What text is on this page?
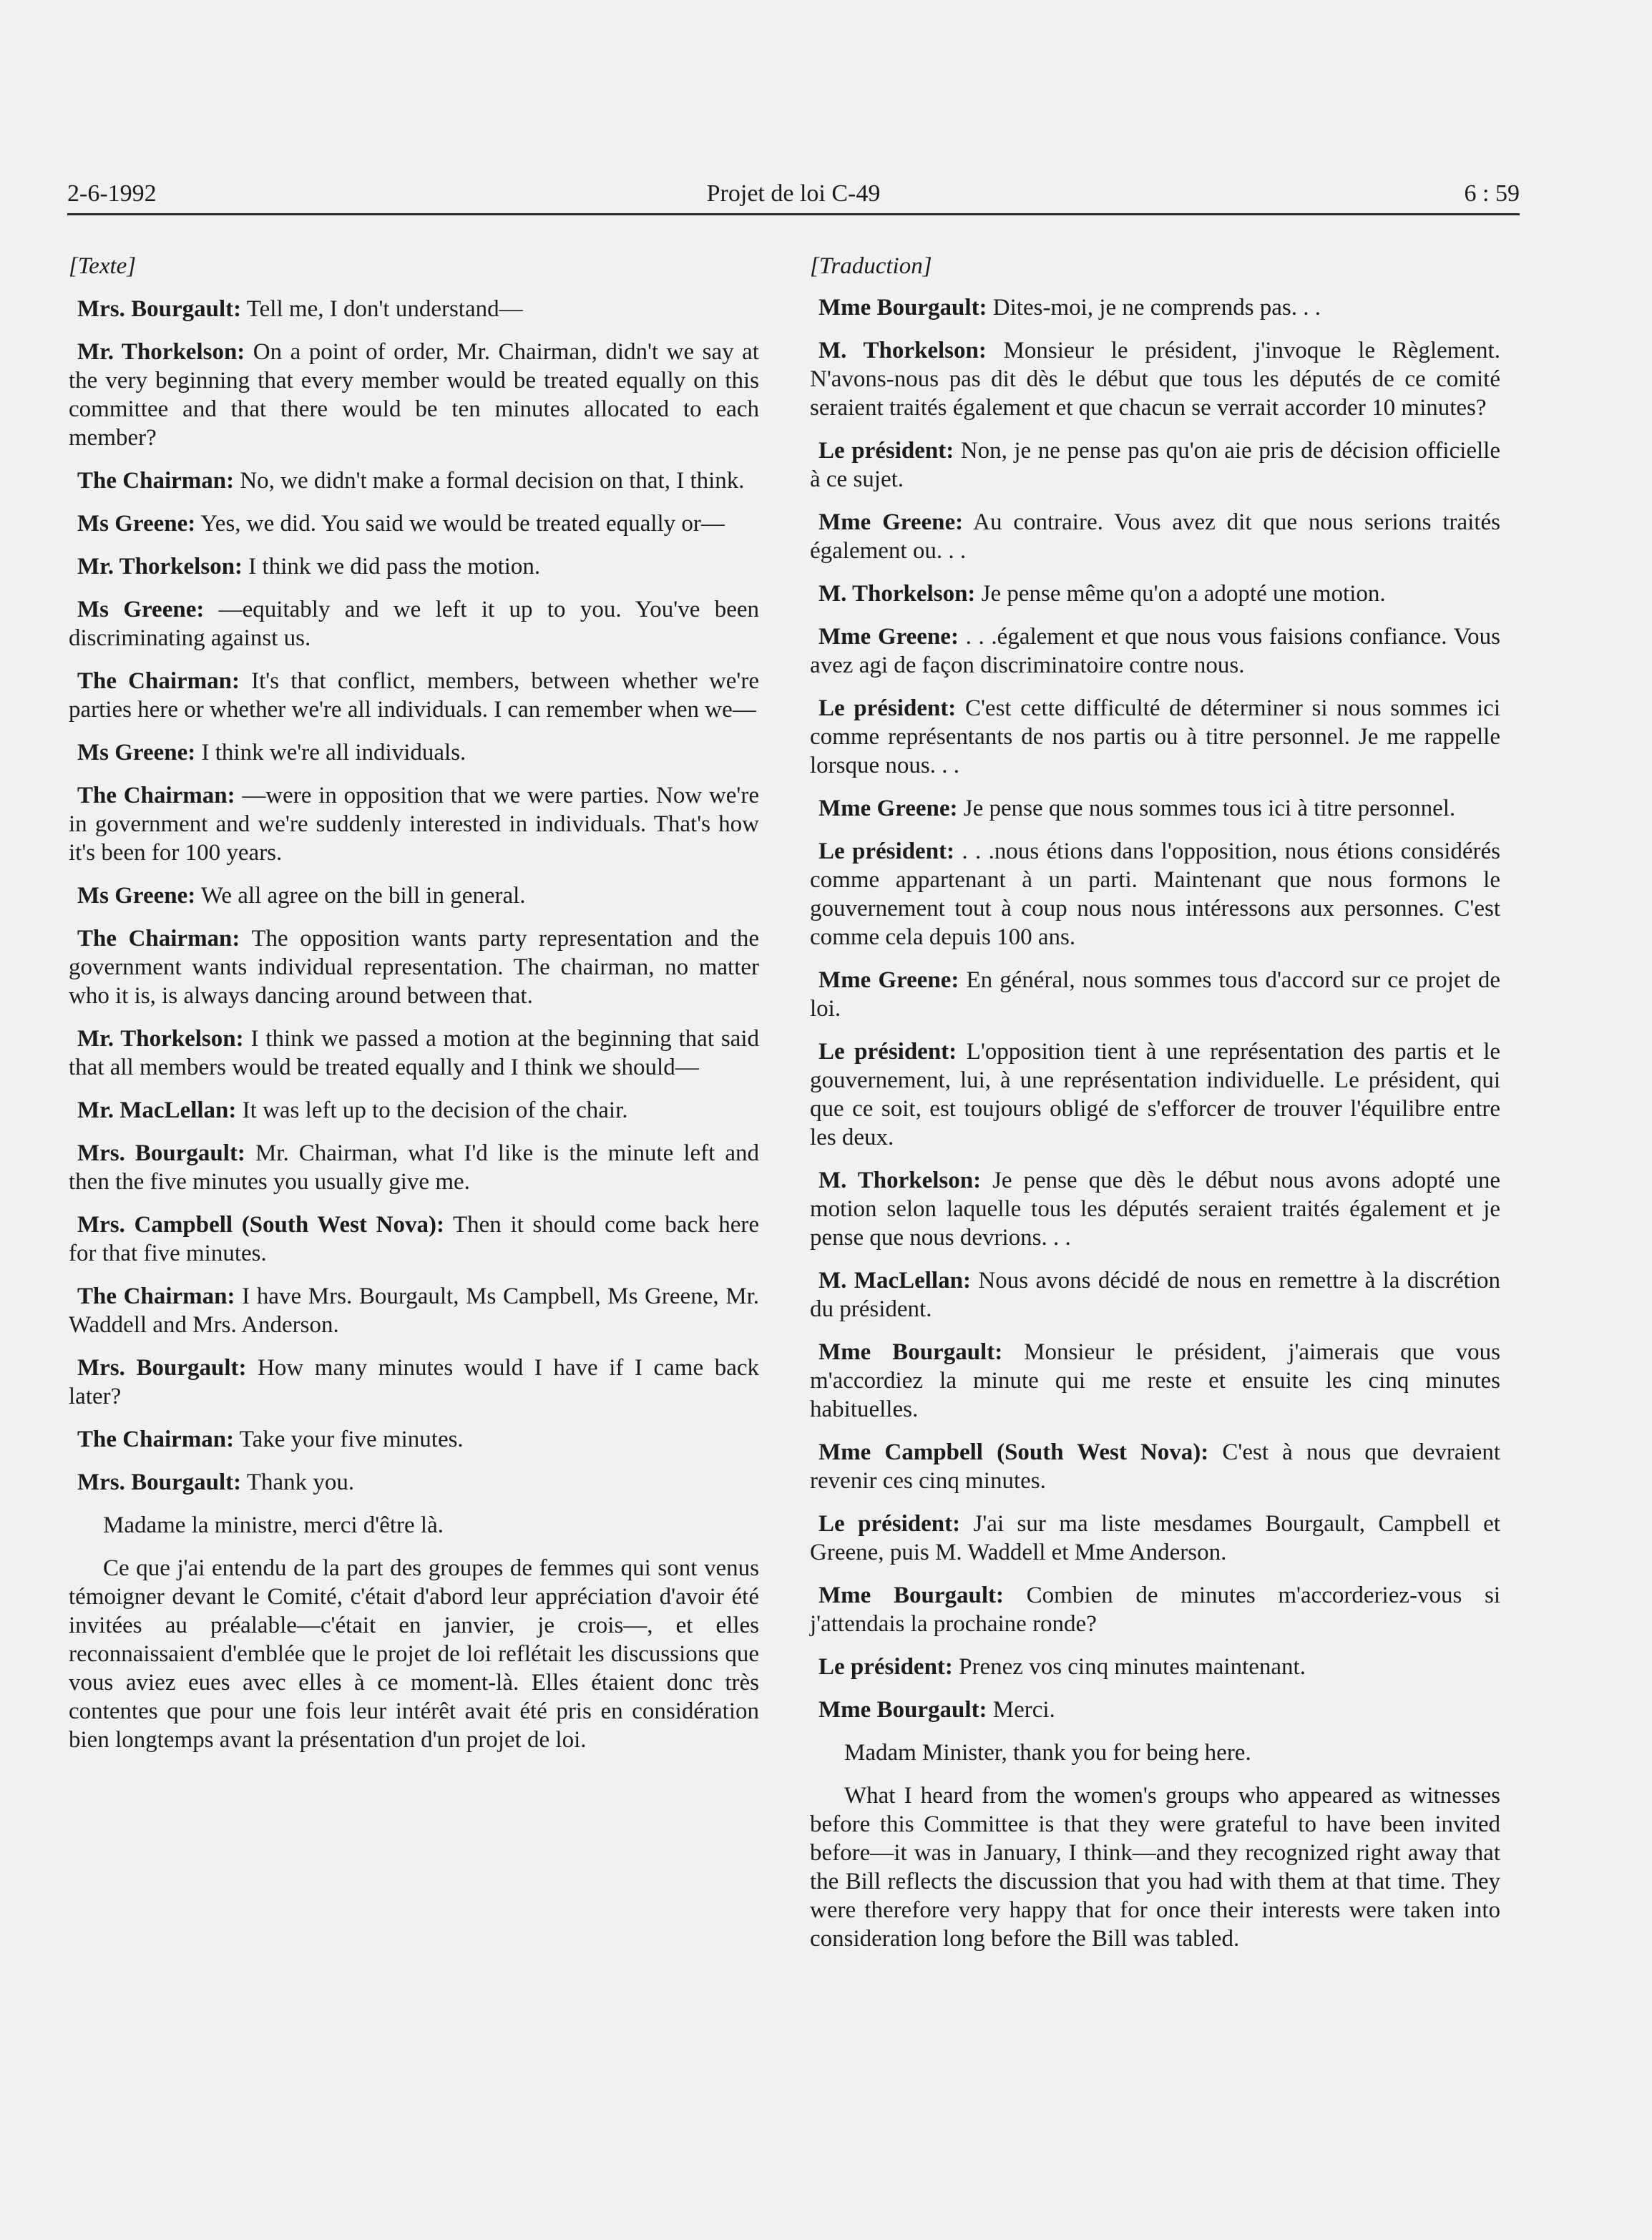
2-6-1992	Projet de loi C-49	6 : 59
[Texte]
Mrs. Bourgault: Tell me, I don't understand—
Mr. Thorkelson: On a point of order, Mr. Chairman, didn't we say at the very beginning that every member would be treated equally on this committee and that there would be ten minutes allocated to each member?
The Chairman: No, we didn't make a formal decision on that, I think.
Ms Greene: Yes, we did. You said we would be treated equally or—
Mr. Thorkelson: I think we did pass the motion.
Ms Greene: —equitably and we left it up to you. You've been discriminating against us.
The Chairman: It's that conflict, members, between whether we're parties here or whether we're all individuals. I can remember when we—
Ms Greene: I think we're all individuals.
The Chairman: —were in opposition that we were parties. Now we're in government and we're suddenly interested in individuals. That's how it's been for 100 years.
Ms Greene: We all agree on the bill in general.
The Chairman: The opposition wants party representation and the government wants individual representation. The chairman, no matter who it is, is always dancing around between that.
Mr. Thorkelson: I think we passed a motion at the beginning that said that all members would be treated equally and I think we should—
Mr. MacLellan: It was left up to the decision of the chair.
Mrs. Bourgault: Mr. Chairman, what I'd like is the minute left and then the five minutes you usually give me.
Mrs. Campbell (South West Nova): Then it should come back here for that five minutes.
The Chairman: I have Mrs. Bourgault, Ms Campbell, Ms Greene, Mr. Waddell and Mrs. Anderson.
Mrs. Bourgault: How many minutes would I have if I came back later?
The Chairman: Take your five minutes.
Mrs. Bourgault: Thank you.
Madame la ministre, merci d'être là.
Ce que j'ai entendu de la part des groupes de femmes qui sont venus témoigner devant le Comité, c'était d'abord leur appréciation d'avoir été invitées au préalable—c'était en janvier, je crois—, et elles reconnaissaient d'emblée que le projet de loi reflétait les discussions que vous aviez eues avec elles à ce moment-là. Elles étaient donc très contentes que pour une fois leur intérêt avait été pris en considération bien longtemps avant la présentation d'un projet de loi.
[Traduction]
Mme Bourgault: Dites-moi, je ne comprends pas. . .
M. Thorkelson: Monsieur le président, j'invoque le Règlement. N'avons-nous pas dit dès le début que tous les députés de ce comité seraient traités également et que chacun se verrait accorder 10 minutes?
Le président: Non, je ne pense pas qu'on aie pris de décision officielle à ce sujet.
Mme Greene: Au contraire. Vous avez dit que nous serions traités également ou. . .
M. Thorkelson: Je pense même qu'on a adopté une motion.
Mme Greene: . . .également et que nous vous faisions confiance. Vous avez agi de façon discriminatoire contre nous.
Le président: C'est cette difficulté de déterminer si nous sommes ici comme représentants de nos partis ou à titre personnel. Je me rappelle lorsque nous. . .
Mme Greene: Je pense que nous sommes tous ici à titre personnel.
Le président: . . .nous étions dans l'opposition, nous étions considérés comme appartenant à un parti. Maintenant que nous formons le gouvernement tout à coup nous nous intéressons aux personnes. C'est comme cela depuis 100 ans.
Mme Greene: En général, nous sommes tous d'accord sur ce projet de loi.
Le président: L'opposition tient à une représentation des partis et le gouvernement, lui, à une représentation individuelle. Le président, qui que ce soit, est toujours obligé de s'efforcer de trouver l'équilibre entre les deux.
M. Thorkelson: Je pense que dès le début nous avons adopté une motion selon laquelle tous les députés seraient traités également et je pense que nous devrions. . .
M. MacLellan: Nous avons décidé de nous en remettre à la discrétion du président.
Mme Bourgault: Monsieur le président, j'aimerais que vous m'accordiez la minute qui me reste et ensuite les cinq minutes habituelles.
Mme Campbell (South West Nova): C'est à nous que devraient revenir ces cinq minutes.
Le président: J'ai sur ma liste mesdames Bourgault, Campbell et Greene, puis M. Waddell et Mme Anderson.
Mme Bourgault: Combien de minutes m'accorderiez-vous si j'attendais la prochaine ronde?
Le président: Prenez vos cinq minutes maintenant.
Mme Bourgault: Merci.
Madam Minister, thank you for being here.
What I heard from the women's groups who appeared as witnesses before this Committee is that they were grateful to have been invited before—it was in January, I think—and they recognized right away that the Bill reflects the discussion that you had with them at that time. They were therefore very happy that for once their interests were taken into consideration long before the Bill was tabled.
